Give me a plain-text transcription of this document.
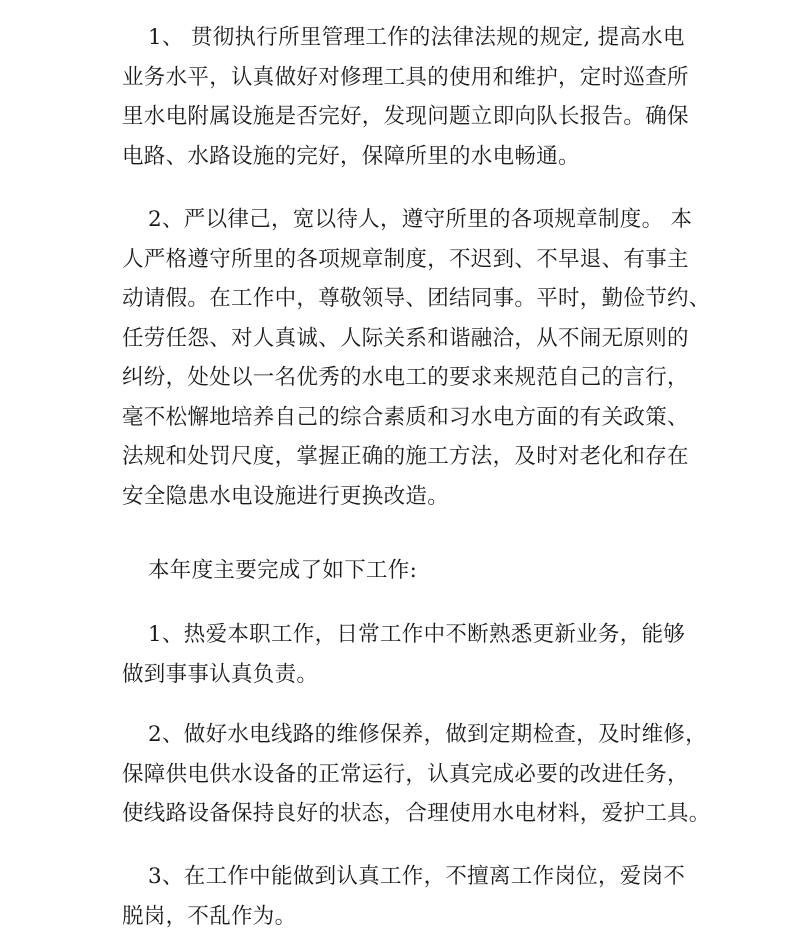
1、 贯彻执行所里管理工作的法律法规的规定, 提高水电
业务水平，认真做好对修理工具的使用和维护，定时巡查所
里水电附属设施是否完好，发现问题立即向队长报告。确保
电路、水路设施的完好，保障所里的水电畅通。

2、严以律己，宽以待人，遵守所里的各项规章制度。 本
人严格遵守所里的各项规章制度，不迟到、不早退、有事主
动请假。在工作中，尊敬领导、团结同事。平时，勤俭节约、
任劳任怨、对人真诚、人际关系和谐融洽，从不闹无原则的
纠纷，处处以一名优秀的水电工的要求来规范自己的言行，
毫不松懈地培养自己的综合素质和习水电方面的有关政策、
法规和处罚尺度，掌握正确的施工方法，及时对老化和存在
安全隐患水电设施进行更换改造。

本年度主要完成了如下工作:

1、热爱本职工作，日常工作中不断熟悉更新业务，能够
做到事事认真负责。

2、做好水电线路的维修保养，做到定期检查，及时维修，
保障供电供水设备的正常运行，认真完成必要的改进任务，
使线路设备保持良好的状态，合理使用水电材料，爱护工具。

3、在工作中能做到认真工作，不擅离工作岗位，爱岗不
脱岗，不乱作为。
